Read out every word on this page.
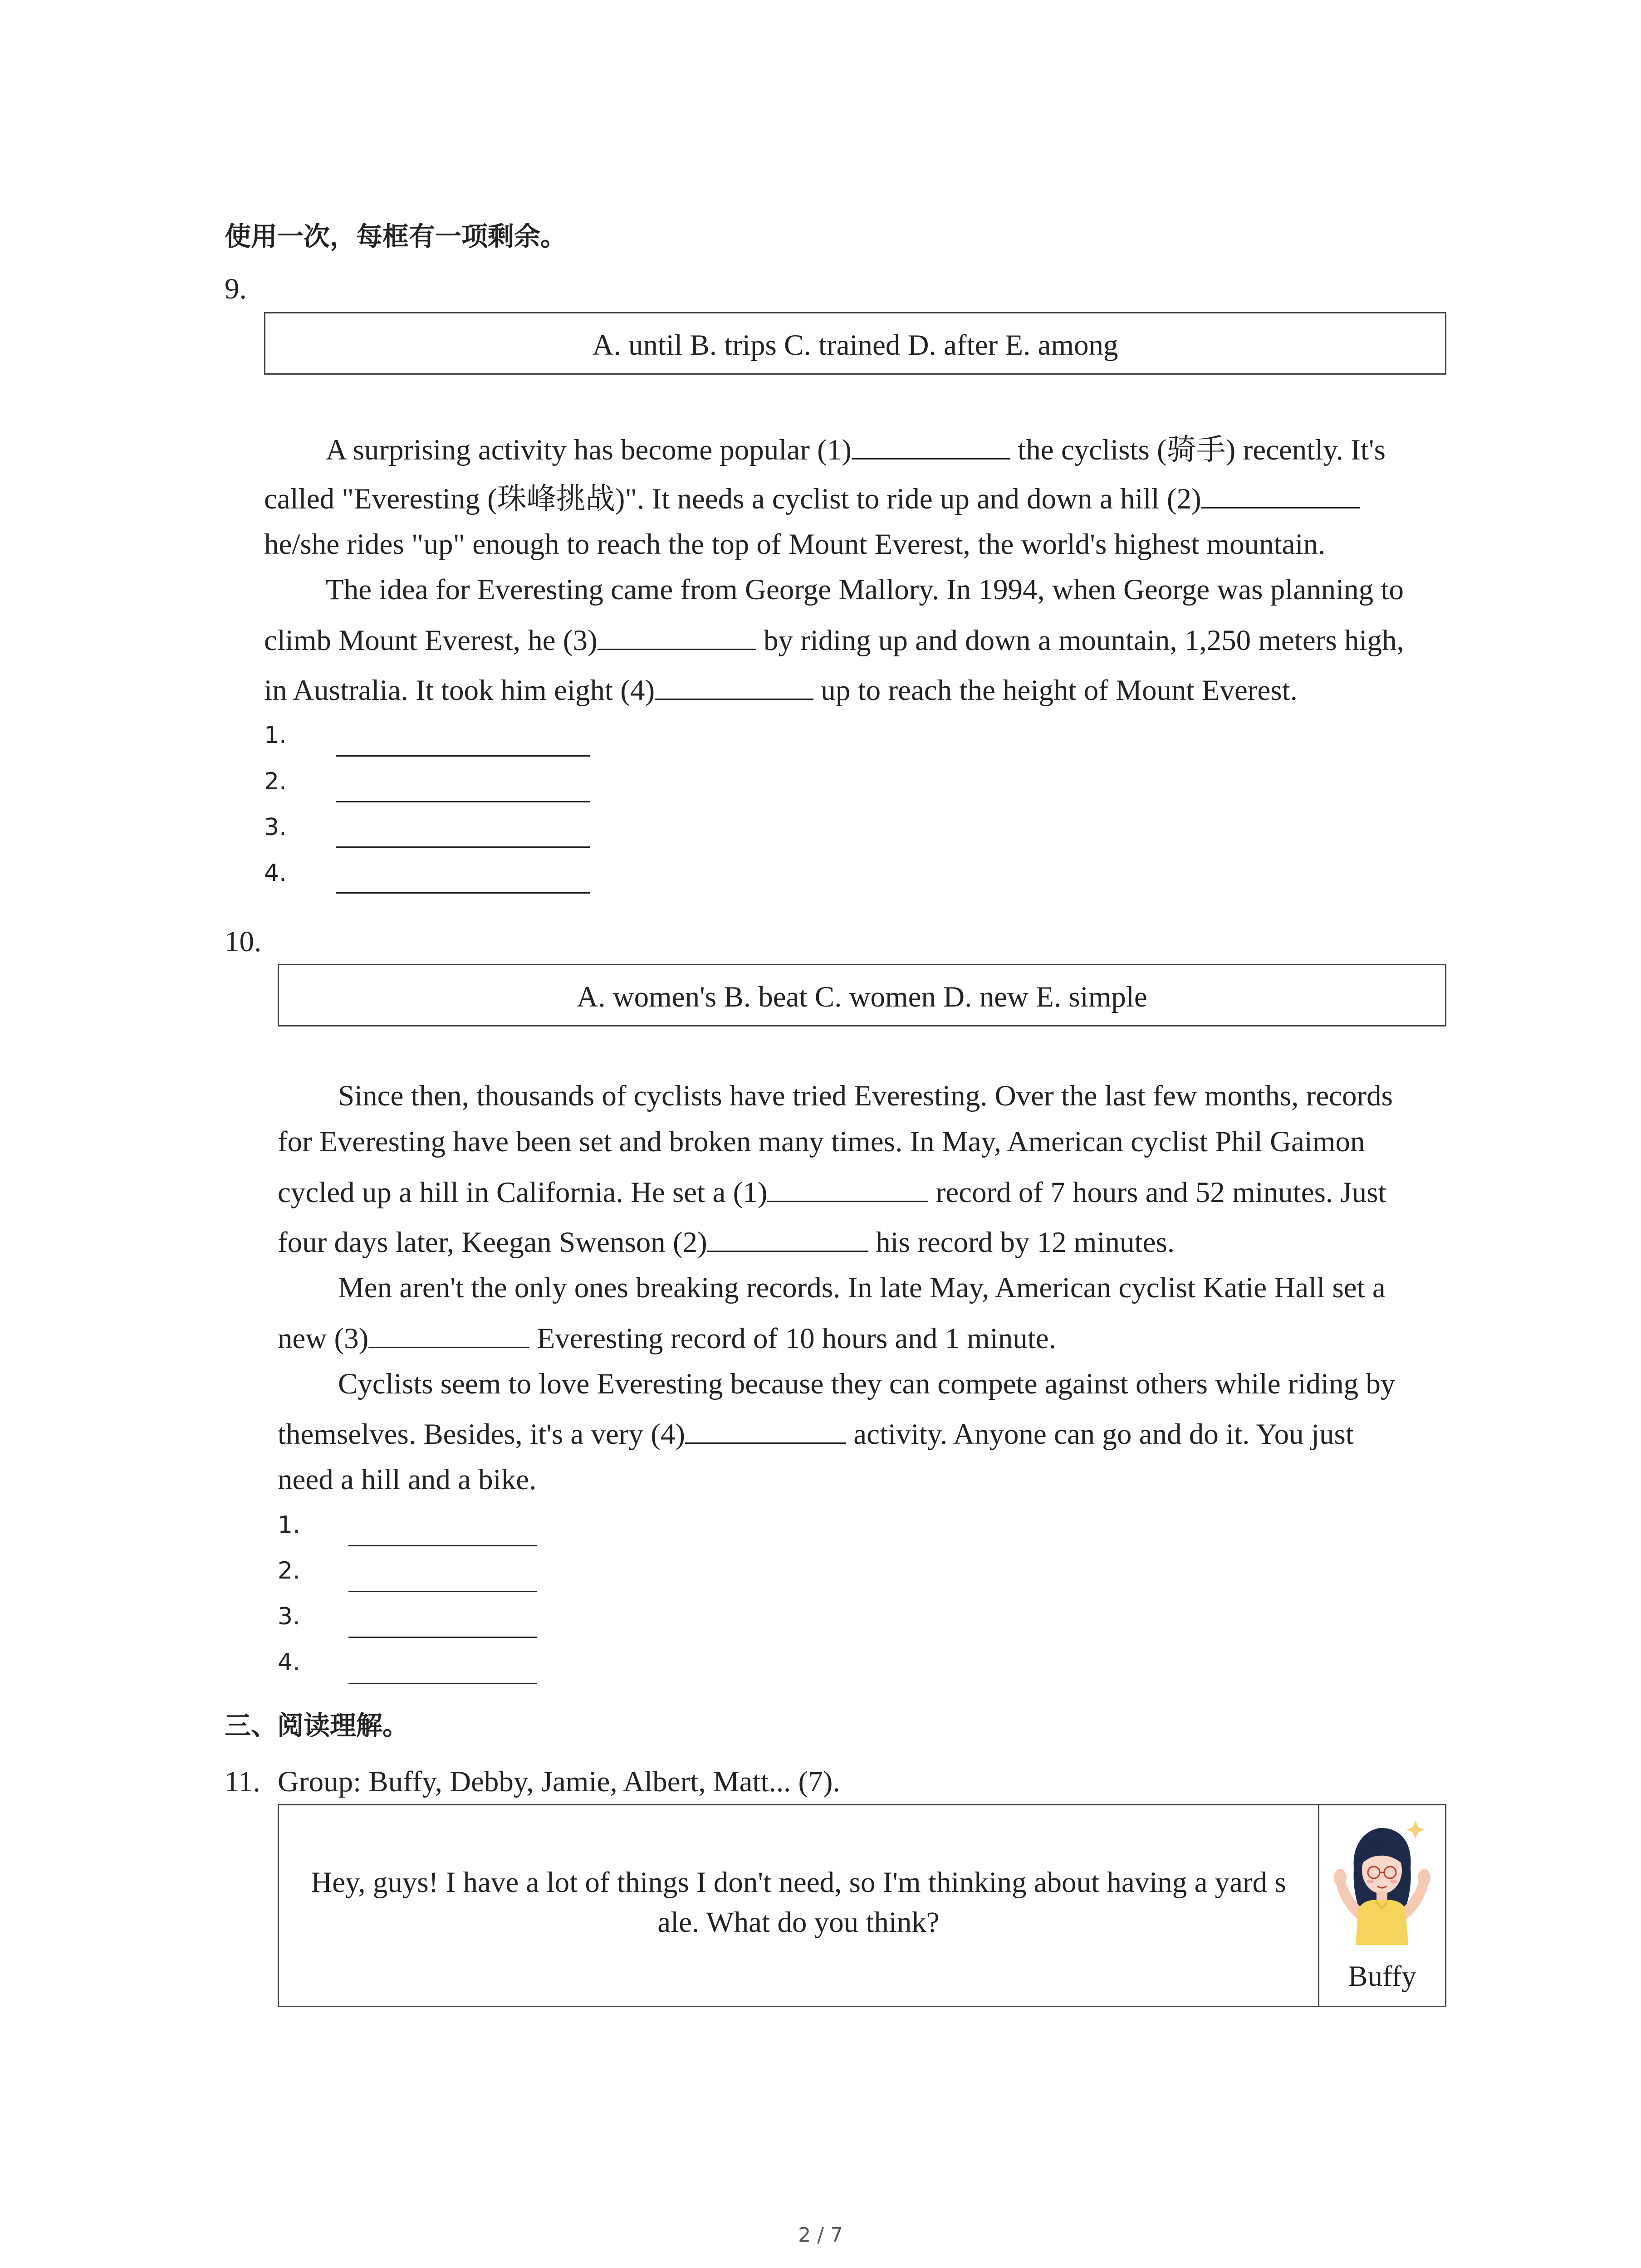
使用一次，每框有一项剩余。
9.
A. until B. trips C. trained D. after E. among
A surprising activity has become popular (1)	the cyclists (骑手) recently. It's
called "Everesting (珠峰挑战)". It needs a cyclist to ride up and down a hill (2)
he/she rides "up" enough to reach the top of Mount Everest, the world's highest mountain.
The idea for Everesting came from George Mallory. In 1994, when George was planning to
climb Mount Everest, he (3)	by riding up and down a mountain, 1,250 meters high,
in Australia. It took him eight (4)	up to reach the height of Mount Everest.
1.
2.
3.
4.
10.
A. women's B. beat C. women D. new E. simple
Since then, thousands of cyclists have tried Everesting. Over the last few months, records
for Everesting have been set and broken many times. In May, American cyclist Phil Gaimon
cycled up a hill in California. He set a (1)	record of 7 hours and 52 minutes. Just
four days later, Keegan Swenson (2)	his record by 12 minutes.
Men aren't the only ones breaking records. In late May, American cyclist Katie Hall set a
new (3)	Everesting record of 10 hours and 1 minute.
Cyclists seem to love Everesting because they can compete against others while riding by
themselves. Besides, it's a very (4)	activity. Anyone can go and do it. You just
need a hill and a bike.
1.
2.
3.
4.
三、阅读理解。
11. Group: Buffy, Debby, Jamie, Albert, Matt... (7).
Hey, guys! I have a lot of things I don't need, so I'm thinking about having a yard s
ale. What do you think?
Buffy
2 / 7
